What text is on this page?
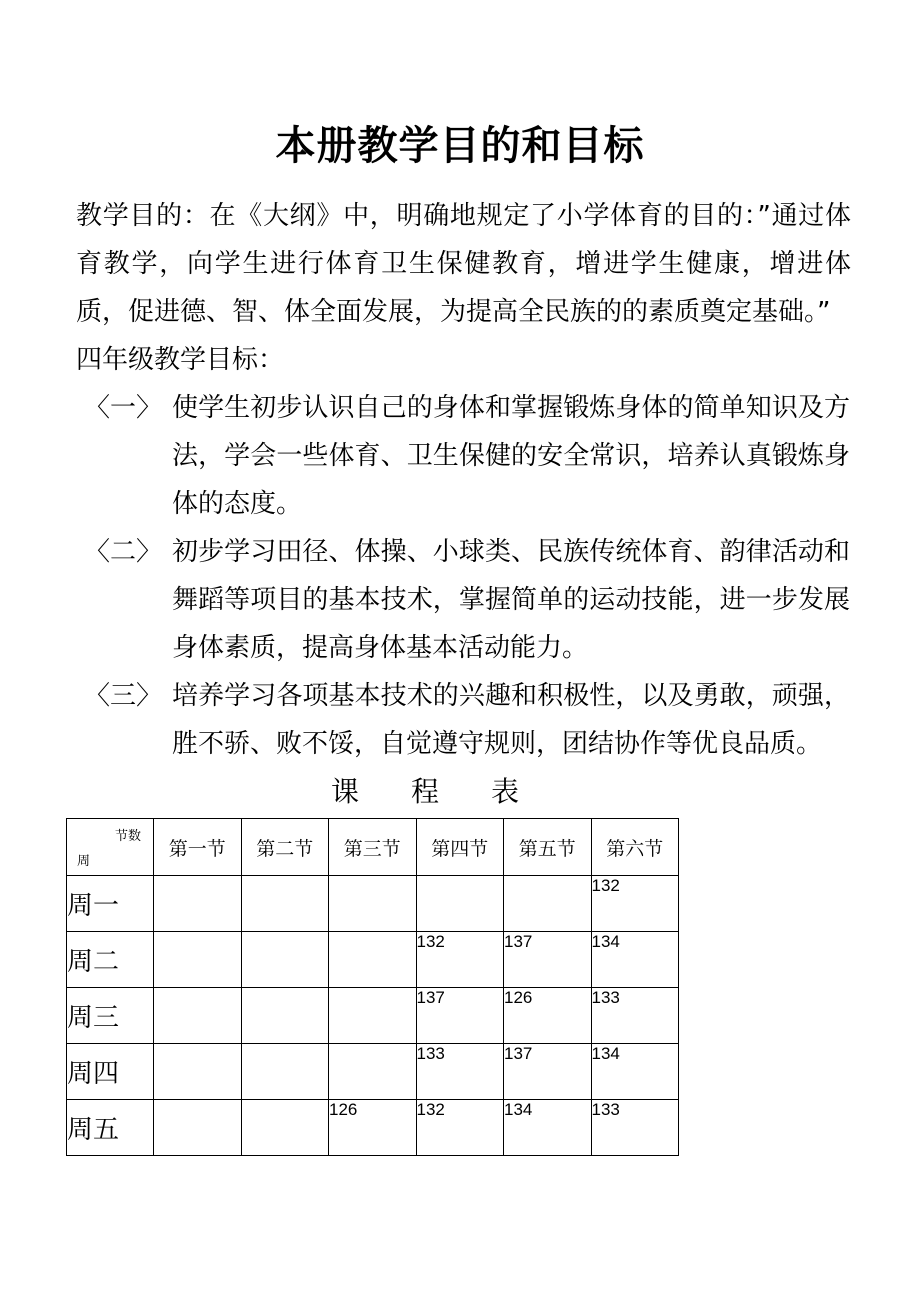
本册教学目的和目标
教学目的：在《大纲》中，明确地规定了小学体育的目的：”通过体育教学，向学生进行体育卫生保健教育，增进学生健康，增进体质，促进德、智、体全面发展，为提高全民族的的素质奠定基础。”
四年级教学目标：
〈一〉 使学生初步认识自己的身体和掌握锻炼身体的简单知识及方法，学会一些体育、卫生保健的安全常识，培养认真锻炼身体的态度。
〈二〉 初步学习田径、体操、小球类、民族传统体育、韵律活动和舞蹈等项目的基本技术，掌握简单的运动技能，进一步发展身体素质，提高身体基本活动能力。
〈三〉 培养学习各项基本技术的兴趣和积极性，以及勇敢，顽强，胜不骄、败不馁，自觉遵守规则，团结协作等优良品质。
课程表
节数
周	第一节	第二节	第三节	第四节	第五节	第六节
周一						132
周二				132	137	134
周三				137	126	133
周四				133	137	134
周五			126	132	134	133
